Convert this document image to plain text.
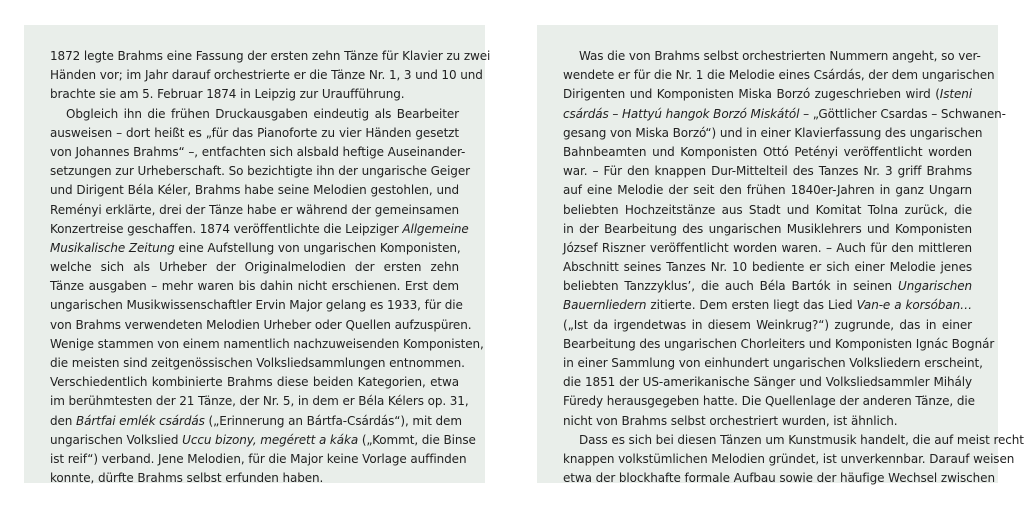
1872 legte Brahms eine Fassung der ersten zehn Tänze für Klavier zu zwei
Händen vor; im Jahr darauf orchestrierte er die Tänze Nr. 1, 3 und 10 und
brachte sie am 5. Februar 1874 in Leipzig zur Uraufführung.
Obgleich ihn die frühen Druckausgaben eindeutig als Bearbeiter
ausweisen – dort heißt es „für das Pianoforte zu vier Händen gesetzt
von Johannes Brahms“ –, entfachten sich alsbald heftige Auseinander-
setzungen zur Urheberschaft. So bezichtigte ihn der ungarische Geiger
und Dirigent Béla Kéler, Brahms habe seine Melodien gestohlen, und
Reményi erklärte, drei der Tänze habe er während der gemeinsamen
Konzertreise geschaffen. 1874 veröffentlichte die Leipziger Allgemeine
Musikalische Zeitung eine Aufstellung von ungarischen Komponisten,
welche sich als Urheber der Originalmelodien der ersten zehn
Tänze ausgaben – mehr waren bis dahin nicht erschienen. Erst dem
ungarischen Musikwissenschaftler Ervin Major gelang es 1933, für die
von Brahms verwendeten Melodien Urheber oder Quellen aufzuspüren.
Wenige stammen von einem namentlich nachzuweisenden Komponisten,
die meisten sind zeitgenössischen Volksliedsammlungen entnommen.
Verschiedentlich kombinierte Brahms diese beiden Kategorien, etwa
im berühmtesten der 21 Tänze, der Nr. 5, in dem er Béla Kélers op. 31,
den Bártfai emlék csárdás („Erinnerung an Bártfa-Csárdás“), mit dem
ungarischen Volkslied Uccu bizony, megérett a káka („Kommt, die Binse
ist reif“) verband. Jene Melodien, für die Major keine Vorlage auffinden
konnte, dürfte Brahms selbst erfunden haben.
Was die von Brahms selbst orchestrierten Nummern angeht, so ver-
wendete er für die Nr. 1 die Melodie eines Csárdás, der dem ungarischen
Dirigenten und Komponisten Miska Borzó zugeschrieben wird (Isteni
csárdás – Hattyú hangok Borzó Miskától – „Göttlicher Csardas – Schwanen-
gesang von Miska Borzó“) und in einer Klavierfassung des ungarischen
Bahnbeamten und Komponisten Ottó Petényi veröffentlicht worden
war. – Für den knappen Dur-Mittelteil des Tanzes Nr. 3 griff Brahms
auf eine Melodie der seit den frühen 1840er-Jahren in ganz Ungarn
beliebten Hochzeitstänze aus Stadt und Komitat Tolna zurück, die
in der Bearbeitung des ungarischen Musiklehrers und Komponisten
József Riszner veröffentlicht worden waren. – Auch für den mittleren
Abschnitt seines Tanzes Nr. 10 bediente er sich einer Melodie jenes
beliebten Tanzzyklus’, die auch Béla Bartók in seinen Ungarischen
Bauernliedern zitierte. Dem ersten liegt das Lied Van-e a korsóban…
(„Ist da irgendetwas in diesem Weinkrug?“) zugrunde, das in einer
Bearbeitung des ungarischen Chorleiters und Komponisten Ignác Bognár
in einer Sammlung von einhundert ungarischen Volksliedern erscheint,
die 1851 der US-amerikanische Sänger und Volksliedsammler Mihály
Füredy herausgegeben hatte. Die Quellenlage der anderen Tänze, die
nicht von Brahms selbst orchestriert wurden, ist ähnlich.
Dass es sich bei diesen Tänzen um Kunstmusik handelt, die auf meist recht
knappen volkstümlichen Melodien gründet, ist unverkennbar. Darauf weisen
etwa der blockhafte formale Aufbau sowie der häufige Wechsel zwischen
